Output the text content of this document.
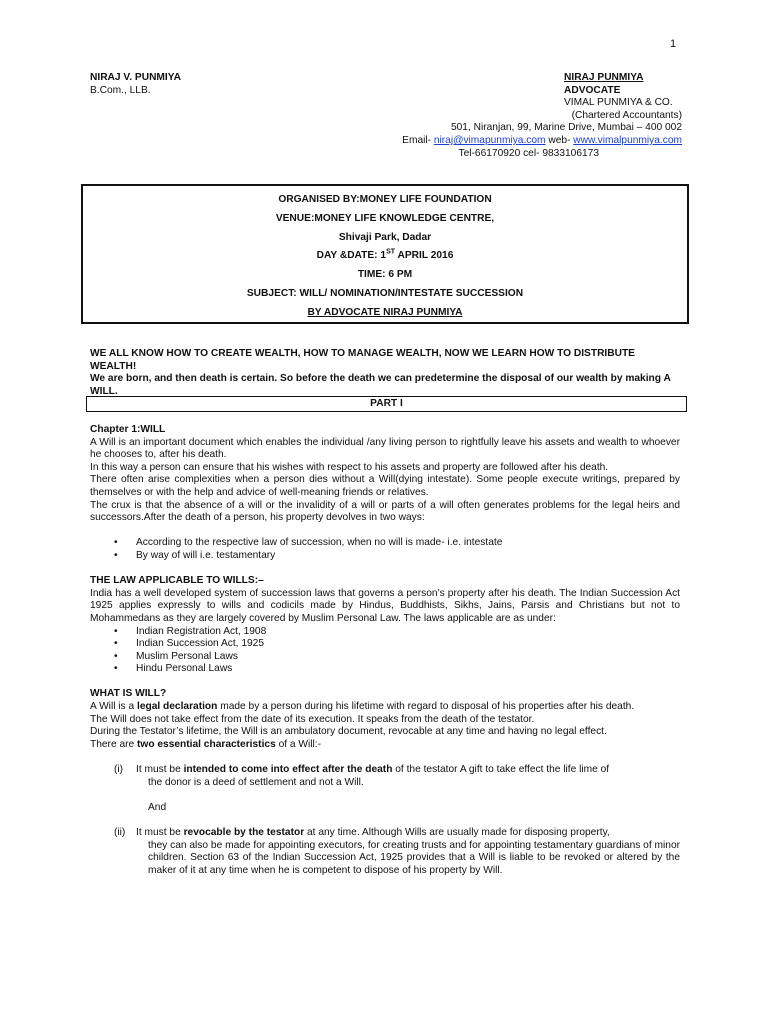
1
NIRAJ V. PUNMIYA
B.Com., LLB.
NIRAJ PUNMIYA
ADVOCATE
VIMAL PUNMIYA & CO.
(Chartered Accountants)
501, Niranjan, 99, Marine Drive, Mumbai – 400 002
Email- niraj@vimapunmiya.com web- www.vimalpunmiya.com
Tel-66170920 cel- 9833106173
ORGANISED BY:MONEY LIFE FOUNDATION
VENUE:MONEY LIFE KNOWLEDGE CENTRE,
Shivaji Park, Dadar
DAY &DATE: 1ST APRIL 2016
TIME: 6 PM
SUBJECT: WILL/ NOMINATION/INTESTATE SUCCESSION
BY ADVOCATE NIRAJ PUNMIYA
WE ALL KNOW HOW TO CREATE WEALTH, HOW TO MANAGE WEALTH, NOW WE LEARN HOW TO DISTRIBUTE WEALTH!
We are born, and then death is certain. So before the death we can predetermine the disposal of our wealth by making A WILL.
PART I

Chapter 1:WILL

A Will is an important document which enables the individual /any living person to rightfully leave his assets and wealth to whoever he chooses to, after his death.

In this way a person can ensure that his wishes with respect to his assets and property are followed after his death.

There often arise complexities when a person dies without a Will(dying intestate). Some people execute writings, prepared by themselves or with the help and advice of well-meaning friends or relatives.

The crux is that the absence of a will or the invalidity of a will or parts of a will often generates problems for the legal heirs and successors.After the death of a person, his property devolves in two ways:

• According to the respective law of succession, when no will is made- i.e. intestate
• By way of will i.e. testamentary

THE LAW APPLICABLE TO WILLS:–

India has a well developed system of succession laws that governs a person’s property after his death. The Indian Succession Act 1925 applies expressly to wills and codicils made by Hindus, Buddhists, Sikhs, Jains, Parsis and Christians but not to Mohammedans as they are largely covered by Muslim Personal Law. The laws applicable are as under:

• Indian Registration Act, 1908
• Indian Succession Act, 1925
• Muslim Personal Laws
• Hindu Personal Laws

WHAT IS WILL?

A Will is a legal declaration made by a person during his lifetime with regard to disposal of his properties after his death.

The Will does not take effect from the date of its execution. It speaks from the death of the testator.

During the Testator’s lifetime, the Will is an ambulatory document, revocable at any time and having no legal effect.

There are two essential characteristics of a Will:-

(i) It must be intended to come into effect after the death of the testator A gift to take effect the life lime of
the donor is a deed of settlement and not a Will.
And
(ii) It must be revocable by the testator at any time. Although Wills are usually made for disposing property,
they can also be made for appointing executors, for creating trusts and for appointing testamentary guardians of minor children. Section 63 of the Indian Succession Act, 1925 provides that a Will is liable to be revoked or altered by the maker of it at any time when he is competent to dispose of his property by Will.
